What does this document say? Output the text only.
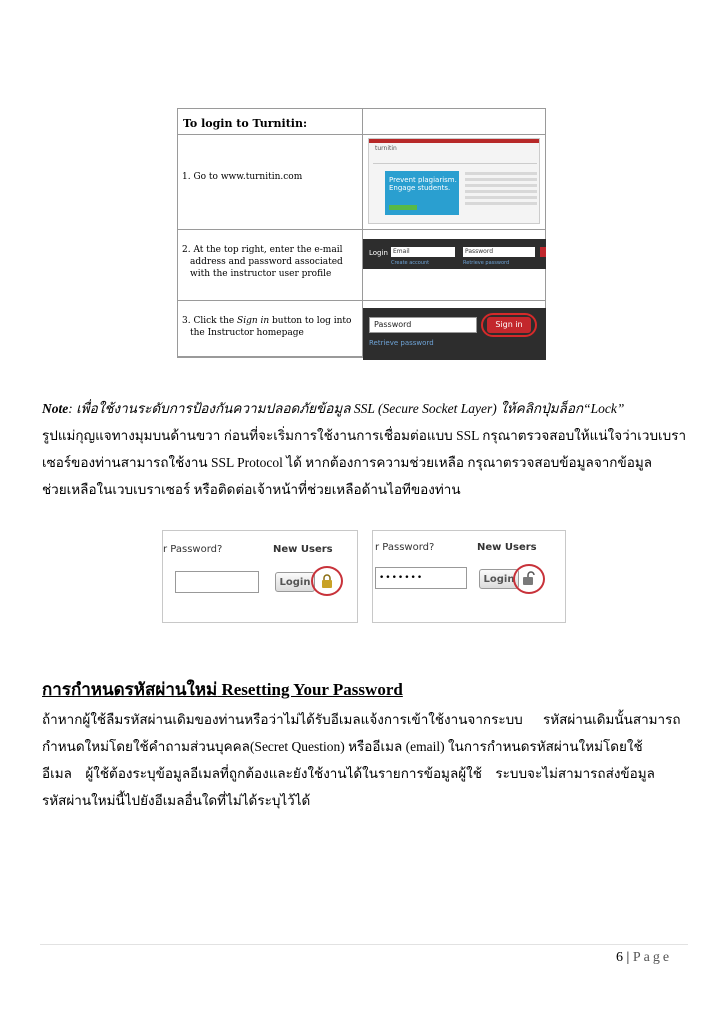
To login to Turnitin:
1. Go to www.turnitin.com
turnitin
Prevent plagiarism.
Engage students.
2. At the top right, enter the e-mail
address and password associated
with the instructor user profile
3. Click the Sign in button to log into
the Instructor homepage
Login Email	Password
Create account	Retrieve password
Password	Sign in
Retrieve password

Note: เพื่อใช้งานระดับการป้องกันความปลอดภัยข้อมูล SSL (Secure Socket Layer) ให้คลิกปุ่มล็อก“Lock”

รูปแม่กุญแจทางมุมบนด้านขวา ก่อนที่จะเริ่มการใช้งานการเชื่อมต่อแบบ SSL กรุณาตรวจสอบให้แน่ใจว่าเวบเบรา

เซอร์ของท่านสามารถใช้งาน SSL Protocol ได้ หากต้องการความช่วยเหลือ กรุณาตรวจสอบข้อมูลจากข้อมูล

ช่วยเหลือในเวบเบราเซอร์ หรือติดต่อเจ้าหน้าที่ช่วยเหลือด้านไอทีของท่าน

r Password?	New Users
Login
r Password?	New Users
•••••••	Login
การกำหนดรหัสผ่านใหม่ Resetting Your Password

ถ้าหากผู้ใช้ลืมรหัสผ่านเดิมของท่านหรือว่าไม่ได้รับอีเมลแจ้งการเข้าใช้งานจากระบบ      รหัสผ่านเดิมนั้นสามารถ

กำหนดใหม่โดยใช้คำถามส่วนบุคคล(Secret Question) หรืออีเมล (email) ในการกำหนดรหัสผ่านใหม่โดยใช้

อีเมล    ผู้ใช้ต้องระบุข้อมูลอีเมลที่ถูกต้องและยังใช้งานได้ในรายการข้อมูลผู้ใช้    ระบบจะไม่สามารถส่งข้อมูล

รหัสผ่านใหม่นี้ไปยังอีเมลอื่นใดที่ไม่ได้ระบุไว้ได้

6 | Page
